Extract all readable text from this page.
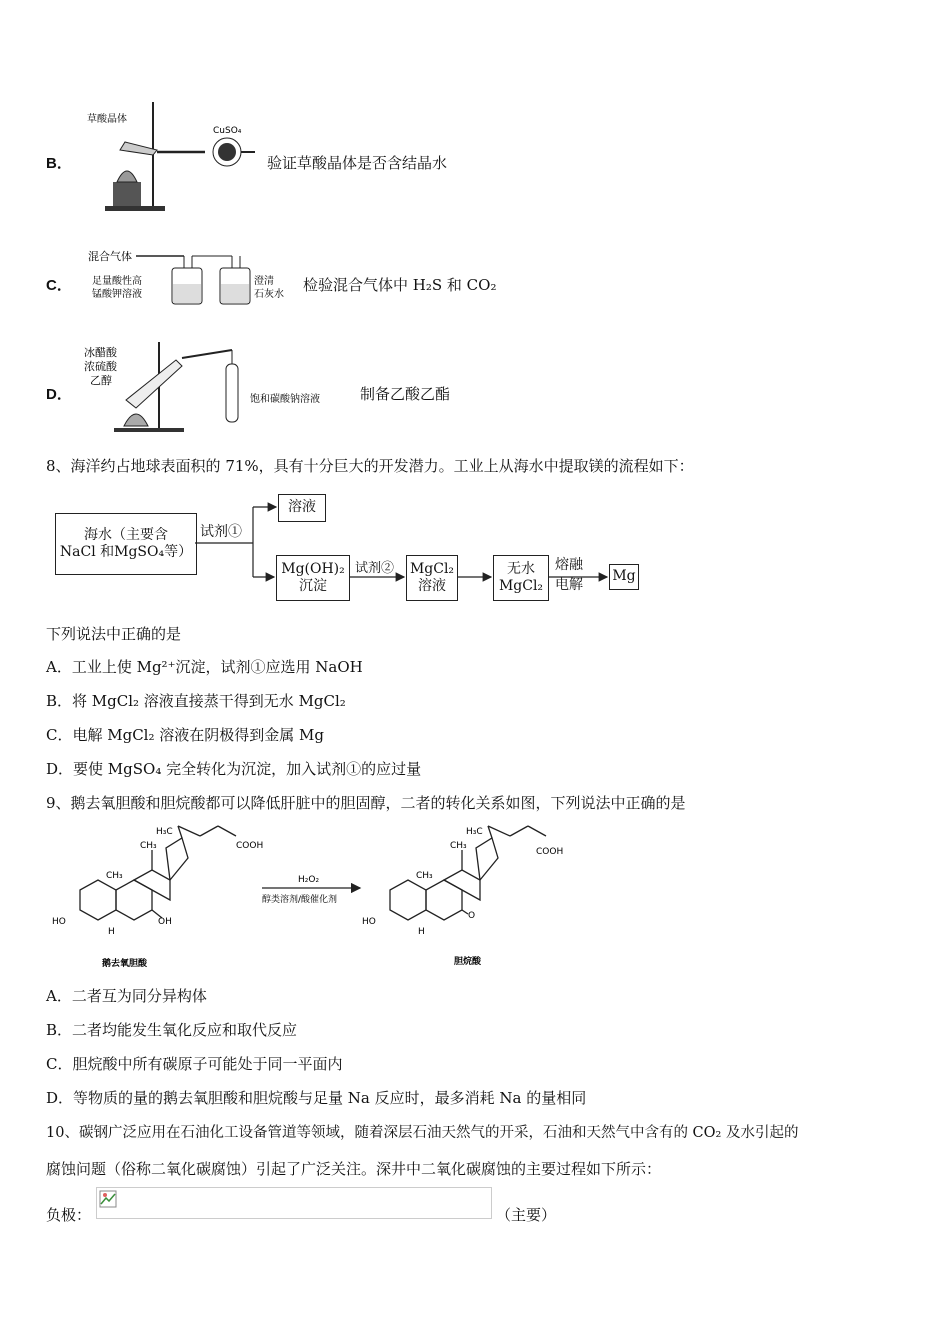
B．
草酸晶体
CuSO₄
验证草酸晶体是否含结晶水
C．
混合气体
足量酸性高
锰酸钾溶液
澄清
石灰水
检验混合气体中 H₂S 和 CO₂
D．
冰醋酸
浓硫酸
乙醇
饱和碳酸钠溶液	制备乙酸乙酯
8、海洋约占地球表面积的 71%，具有十分巨大的开发潜力。工业上从海水中提取镁的流程如下：
海水（主要含
NaCl 和MgSO₄等）
试剂①
溶液
Mg(OH)₂
沉淀
试剂② MgCl₂
溶液
无水
MgCl₂
熔融
电解
Mg
下列说法中正确的是
A．工业上使 Mg²⁺沉淀，试剂①应选用 NaOH
B．将 MgCl₂ 溶液直接蒸干得到无水 MgCl₂
C．电解 MgCl₂ 溶液在阴极得到金属 Mg
D．要使 MgSO₄ 完全转化为沉淀，加入试剂①的应过量
9、鹅去氧胆酸和胆烷酸都可以降低肝脏中的胆固醇，二者的转化关系如图，下列说法中正确的是
H₃C
CH₃
CH₃
COOH
HO	OH
H
鹅去氧胆酸
H₂O₂
醇类溶剂/酸催化剂
H₃C
CH₃
CH₃
COOH
HO
O
H
胆烷酸
A．二者互为同分异构体
B．二者均能发生氧化反应和取代反应
C．胆烷酸中所有碳原子可能处于同一平面内
D．等物质的量的鹅去氧胆酸和胆烷酸与足量 Na 反应时，最多消耗 Na 的量相同
10、碳钢广泛应用在石油化工设备管道等领域，随着深层石油天然气的开采，石油和天然气中含有的 CO₂ 及水引起的
腐蚀问题（俗称二氧化碳腐蚀）引起了广泛关注。深井中二氧化碳腐蚀的主要过程如下所示：
负极：	（主要）
